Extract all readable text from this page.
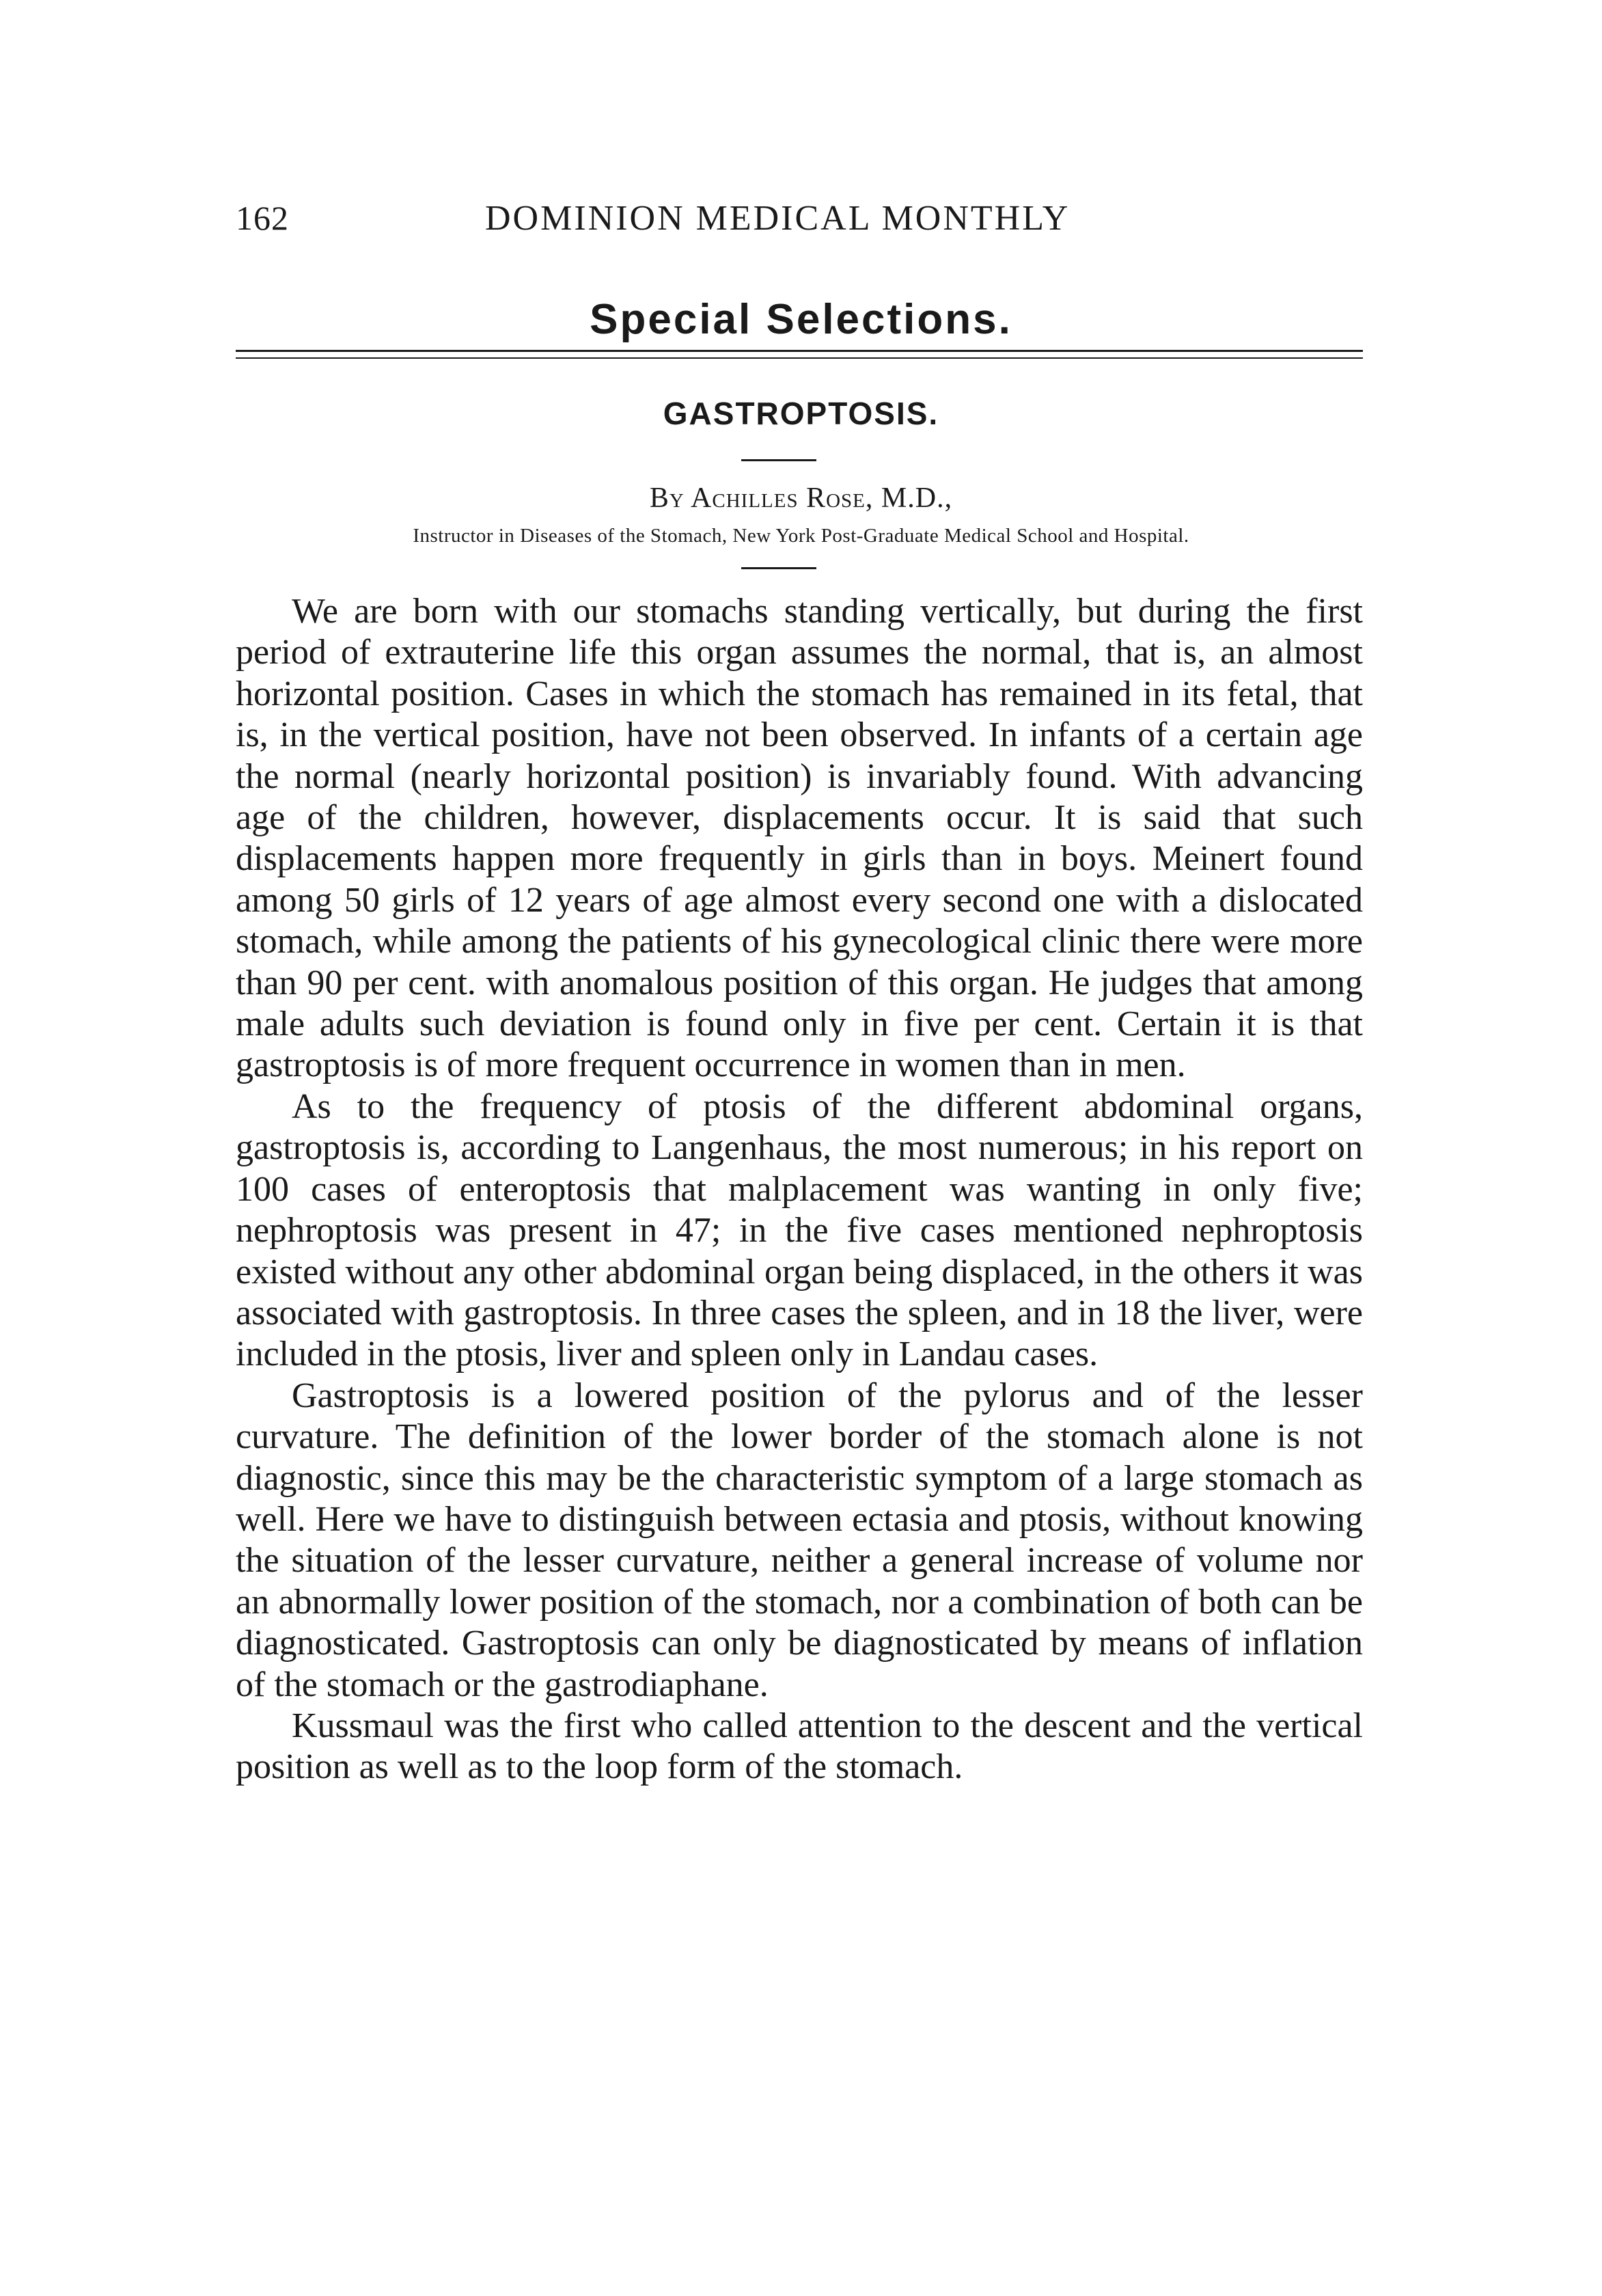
162	DOMINION MEDICAL MONTHLY
Special Selections.
GASTROPTOSIS.
By Achilles Rose, M.D.,
Instructor in Diseases of the Stomach, New York Post-Graduate Medical School and Hospital.

We are born with our stomachs standing vertically, but during the first period of extrauterine life this organ assumes the normal, that is, an almost horizontal position. Cases in which the stomach has remained in its fetal, that is, in the vertical position, have not been observed. In infants of a certain age the normal (nearly horizontal position) is invariably found. With advancing age of the children, however, displacements occur. It is said that such displacements happen more frequently in girls than in boys. Meinert found among 50 girls of 12 years of age almost every second one with a dislocated stomach, while among the patients of his gynecological clinic there were more than 90 per cent. with anomalous position of this organ. He judges that among male adults such deviation is found only in five per cent. Certain it is that gastroptosis is of more frequent occurrence in women than in men.

As to the frequency of ptosis of the different abdominal organs, gastroptosis is, according to Langenhaus, the most numerous; in his report on 100 cases of enteroptosis that malplacement was wanting in only five; nephroptosis was present in 47; in the five cases mentioned nephroptosis existed without any other abdominal organ being displaced, in the others it was associated with gastroptosis. In three cases the spleen, and in 18 the liver, were included in the ptosis, liver and spleen only in Landau cases.

Gastroptosis is a lowered position of the pylorus and of the lesser curvature. The definition of the lower border of the stomach alone is not diagnostic, since this may be the characteristic symptom of a large stomach as well. Here we have to distinguish between ectasia and ptosis, without knowing the situation of the lesser curvature, neither a general increase of volume nor an abnormally lower position of the stomach, nor a combination of both can be diagnosticated. Gastroptosis can only be diagnosticated by means of inflation of the stomach or the gastrodiaphane.

Kussmaul was the first who called attention to the descent and the vertical position as well as to the loop form of the stomach.
